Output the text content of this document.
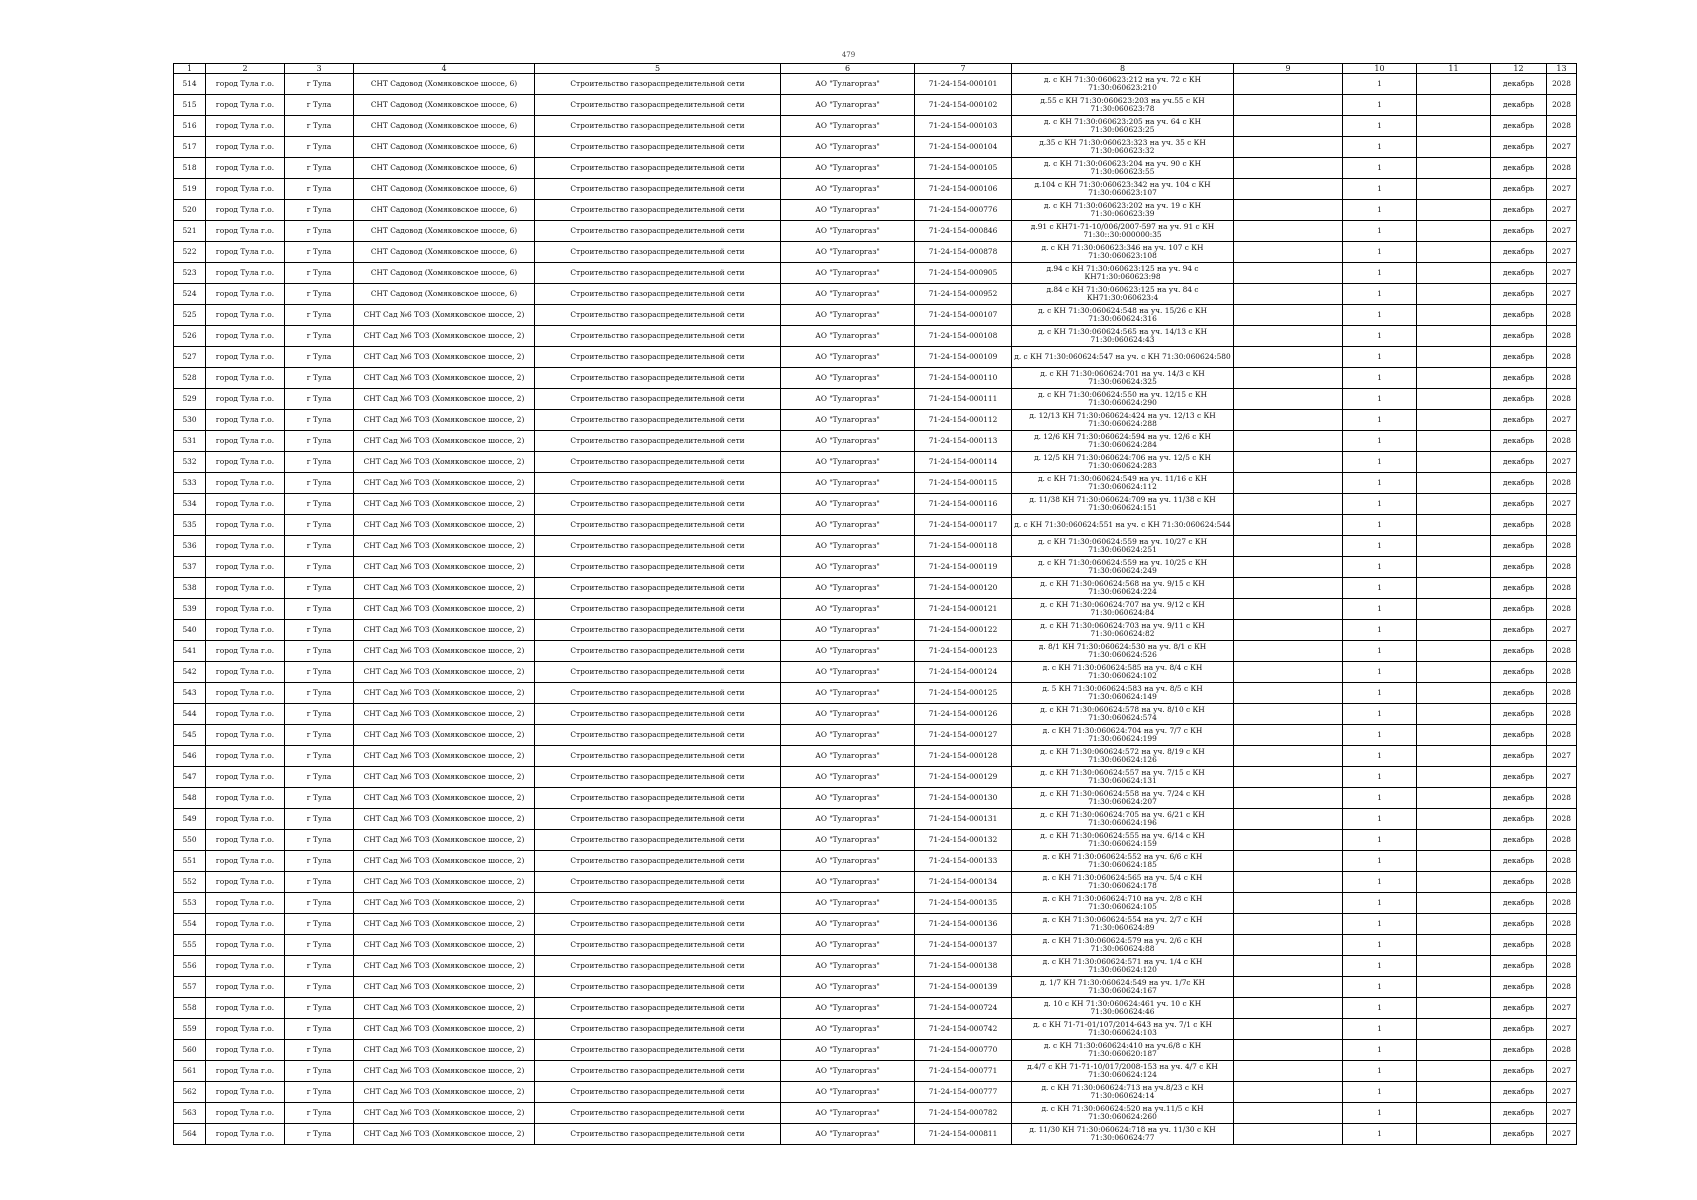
479
1	2	3	4	5	6	7	8	9	10	11	12	13
514	город Тула г.о.	г Тула	СНТ Садовод (Хомяковское шоссе, 6)	Строительство газораспределительной сети	АО "Тулагоргаз"	71-24-154-000101	д. с КН 71:30:060623:212 на уч. 72 с КН 71:30:060623:210		1		декабрь	2028
515	город Тула г.о.	г Тула	СНТ Садовод (Хомяковское шоссе, 6)	Строительство газораспределительной сети	АО "Тулагоргаз"	71-24-154-000102	д.55 с КН 71:30:060623:203 на уч.55 с КН 71:30:060623:78		1		декабрь	2028
516	город Тула г.о.	г Тула	СНТ Садовод (Хомяковское шоссе, 6)	Строительство газораспределительной сети	АО "Тулагоргаз"	71-24-154-000103	д. с КН 71:30:060623:205 на уч. 64 с КН 71:30:060623:25		1		декабрь	2028
517	город Тула г.о.	г Тула	СНТ Садовод (Хомяковское шоссе, 6)	Строительство газораспределительной сети	АО "Тулагоргаз"	71-24-154-000104	д.35 с КН 71:30:060623:323 на уч. 35 с КН 71:30:060623:32		1		декабрь	2027
518	город Тула г.о.	г Тула	СНТ Садовод (Хомяковское шоссе, 6)	Строительство газораспределительной сети	АО "Тулагоргаз"	71-24-154-000105	д. с КН 71:30:060623:204 на уч. 90 с КН 71:30:060623:55		1		декабрь	2028
519	город Тула г.о.	г Тула	СНТ Садовод (Хомяковское шоссе, 6)	Строительство газораспределительной сети	АО "Тулагоргаз"	71-24-154-000106	д.104 с КН 71:30:060623:342 на уч. 104 с КН 71:30:060623:107		1		декабрь	2027
520	город Тула г.о.	г Тула	СНТ Садовод (Хомяковское шоссе, 6)	Строительство газораспределительной сети	АО "Тулагоргаз"	71-24-154-000776	д. с КН 71:30:060623:202 на уч. 19 с КН 71:30:060623:39		1		декабрь	2027
521	город Тула г.о.	г Тула	СНТ Садовод (Хомяковское шоссе, 6)	Строительство газораспределительной сети	АО "Тулагоргаз"	71-24-154-000846	д.91 с КН71-71-10/006/2007-597 на уч. 91 с КН 71:30::30:000000:35		1		декабрь	2027
522	город Тула г.о.	г Тула	СНТ Садовод (Хомяковское шоссе, 6)	Строительство газораспределительной сети	АО "Тулагоргаз"	71-24-154-000878	д. с КН 71:30:060623:346 на уч. 107 с КН 71:30:060623:108		1		декабрь	2027
523	город Тула г.о.	г Тула	СНТ Садовод (Хомяковское шоссе, 6)	Строительство газораспределительной сети	АО "Тулагоргаз"	71-24-154-000905	д.94 с КН 71:30:060623:125 на уч. 94 с КН71:30:060623:98		1		декабрь	2027
524	город Тула г.о.	г Тула	СНТ Садовод (Хомяковское шоссе, 6)	Строительство газораспределительной сети	АО "Тулагоргаз"	71-24-154-000952	д.84 с КН 71:30:060623:125 на уч. 84 с КН71:30:060623:4		1		декабрь	2027
525	город Тула г.о.	г Тула	СНТ Сад №6 ТОЗ (Хомяковское шоссе, 2)	Строительство газораспределительной сети	АО "Тулагоргаз"	71-24-154-000107	д. с КН 71:30:060624:548 на уч. 15/26 с КН 71:30:060624:316		1		декабрь	2028
526	город Тула г.о.	г Тула	СНТ Сад №6 ТОЗ (Хомяковское шоссе, 2)	Строительство газораспределительной сети	АО "Тулагоргаз"	71-24-154-000108	д. с КН 71:30:060624:565 на уч. 14/13 с КН 71:30:060624:43		1		декабрь	2028
527	город Тула г.о.	г Тула	СНТ Сад №6 ТОЗ (Хомяковское шоссе, 2)	Строительство газораспределительной сети	АО "Тулагоргаз"	71-24-154-000109	д. с КН 71:30:060624:547 на уч. с КН 71:30:060624:580		1		декабрь	2028
528	город Тула г.о.	г Тула	СНТ Сад №6 ТОЗ (Хомяковское шоссе, 2)	Строительство газораспределительной сети	АО "Тулагоргаз"	71-24-154-000110	д. с КН 71:30:060624:701 на уч. 14/3 с КН 71:30:060624:325		1		декабрь	2028
529	город Тула г.о.	г Тула	СНТ Сад №6 ТОЗ (Хомяковское шоссе, 2)	Строительство газораспределительной сети	АО "Тулагоргаз"	71-24-154-000111	д. с КН 71:30:060624:550 на уч. 12/15 с КН 71:30:060624:290		1		декабрь	2028
530	город Тула г.о.	г Тула	СНТ Сад №6 ТОЗ (Хомяковское шоссе, 2)	Строительство газораспределительной сети	АО "Тулагоргаз"	71-24-154-000112	д. 12/13 КН 71:30:060624:424 на уч. 12/13 с КН 71:30:060624:288		1		декабрь	2027
531	город Тула г.о.	г Тула	СНТ Сад №6 ТОЗ (Хомяковское шоссе, 2)	Строительство газораспределительной сети	АО "Тулагоргаз"	71-24-154-000113	д. 12/6 КН 71:30:060624:594 на уч. 12/6 с КН 71:30:060624:284		1		декабрь	2028
532	город Тула г.о.	г Тула	СНТ Сад №6 ТОЗ (Хомяковское шоссе, 2)	Строительство газораспределительной сети	АО "Тулагоргаз"	71-24-154-000114	д. 12/5 КН 71:30:060624:706 на уч. 12/5 с КН 71:30:060624:283		1		декабрь	2027
533	город Тула г.о.	г Тула	СНТ Сад №6 ТОЗ (Хомяковское шоссе, 2)	Строительство газораспределительной сети	АО "Тулагоргаз"	71-24-154-000115	д. с КН 71:30:060624:549 на уч. 11/16 с КН 71:30:060624:112		1		декабрь	2028
534	город Тула г.о.	г Тула	СНТ Сад №6 ТОЗ (Хомяковское шоссе, 2)	Строительство газораспределительной сети	АО "Тулагоргаз"	71-24-154-000116	д. 11/38 КН 71:30:060624:709 на уч. 11/38 с КН 71:30:060624:151		1		декабрь	2027
535	город Тула г.о.	г Тула	СНТ Сад №6 ТОЗ (Хомяковское шоссе, 2)	Строительство газораспределительной сети	АО "Тулагоргаз"	71-24-154-000117	д. с КН 71:30:060624:551 на уч. с КН 71:30:060624:544		1		декабрь	2028
536	город Тула г.о.	г Тула	СНТ Сад №6 ТОЗ (Хомяковское шоссе, 2)	Строительство газораспределительной сети	АО "Тулагоргаз"	71-24-154-000118	д. с КН 71:30:060624:559 на уч. 10/27 с КН 71:30:060624:251		1		декабрь	2028
537	город Тула г.о.	г Тула	СНТ Сад №6 ТОЗ (Хомяковское шоссе, 2)	Строительство газораспределительной сети	АО "Тулагоргаз"	71-24-154-000119	д. с КН 71:30:060624:559 на уч. 10/25 с КН 71:30:060624:249		1		декабрь	2028
538	город Тула г.о.	г Тула	СНТ Сад №6 ТОЗ (Хомяковское шоссе, 2)	Строительство газораспределительной сети	АО "Тулагоргаз"	71-24-154-000120	д. с КН 71:30:060624:568 на уч. 9/15 с КН 71:30:060624:224		1		декабрь	2028
539	город Тула г.о.	г Тула	СНТ Сад №6 ТОЗ (Хомяковское шоссе, 2)	Строительство газораспределительной сети	АО "Тулагоргаз"	71-24-154-000121	д. с КН 71:30:060624:707 на уч. 9/12 с КН 71:30:060624:84		1		декабрь	2028
540	город Тула г.о.	г Тула	СНТ Сад №6 ТОЗ (Хомяковское шоссе, 2)	Строительство газораспределительной сети	АО "Тулагоргаз"	71-24-154-000122	д. с КН 71:30:060624:703 на уч. 9/11 с КН 71:30:060624:82		1		декабрь	2027
541	город Тула г.о.	г Тула	СНТ Сад №6 ТОЗ (Хомяковское шоссе, 2)	Строительство газораспределительной сети	АО "Тулагоргаз"	71-24-154-000123	д. 8/1 КН 71:30:060624:530 на уч. 8/1 с КН 71:30:060624:526		1		декабрь	2028
542	город Тула г.о.	г Тула	СНТ Сад №6 ТОЗ (Хомяковское шоссе, 2)	Строительство газораспределительной сети	АО "Тулагоргаз"	71-24-154-000124	д. с КН 71:30:060624:585 на уч. 8/4 с КН 71:30:060624:102		1		декабрь	2028
543	город Тула г.о.	г Тула	СНТ Сад №6 ТОЗ (Хомяковское шоссе, 2)	Строительство газораспределительной сети	АО "Тулагоргаз"	71-24-154-000125	д. 5 КН 71:30:060624:583 на уч. 8/5 с КН 71:30:060624:149		1		декабрь	2028
544	город Тула г.о.	г Тула	СНТ Сад №6 ТОЗ (Хомяковское шоссе, 2)	Строительство газораспределительной сети	АО "Тулагоргаз"	71-24-154-000126	д. с КН 71:30:060624:578 на уч. 8/10 с КН 71:30:060624:574		1		декабрь	2028
545	город Тула г.о.	г Тула	СНТ Сад №6 ТОЗ (Хомяковское шоссе, 2)	Строительство газораспределительной сети	АО "Тулагоргаз"	71-24-154-000127	д. с КН 71:30:060624:704 на уч. 7/7 с КН 71:30:060624:199		1		декабрь	2028
546	город Тула г.о.	г Тула	СНТ Сад №6 ТОЗ (Хомяковское шоссе, 2)	Строительство газораспределительной сети	АО "Тулагоргаз"	71-24-154-000128	д. с КН 71:30:060624:572 на уч. 8/19 с КН 71:30:060624:126		1		декабрь	2027
547	город Тула г.о.	г Тула	СНТ Сад №6 ТОЗ (Хомяковское шоссе, 2)	Строительство газораспределительной сети	АО "Тулагоргаз"	71-24-154-000129	д. с КН 71:30:060624:557 на уч. 7/15 с КН 71:30:060624:131		1		декабрь	2027
548	город Тула г.о.	г Тула	СНТ Сад №6 ТОЗ (Хомяковское шоссе, 2)	Строительство газораспределительной сети	АО "Тулагоргаз"	71-24-154-000130	д. с КН 71:30:060624:558 на уч. 7/24 с КН 71:30:060624:207		1		декабрь	2028
549	город Тула г.о.	г Тула	СНТ Сад №6 ТОЗ (Хомяковское шоссе, 2)	Строительство газораспределительной сети	АО "Тулагоргаз"	71-24-154-000131	д. с КН 71:30:060624:705 на уч. 6/21 с КН 71:30:060624:196		1		декабрь	2028
550	город Тула г.о.	г Тула	СНТ Сад №6 ТОЗ (Хомяковское шоссе, 2)	Строительство газораспределительной сети	АО "Тулагоргаз"	71-24-154-000132	д. с КН 71:30:060624:555 на уч. 6/14 с КН 71:30:060624:159		1		декабрь	2028
551	город Тула г.о.	г Тула	СНТ Сад №6 ТОЗ (Хомяковское шоссе, 2)	Строительство газораспределительной сети	АО "Тулагоргаз"	71-24-154-000133	д. с КН 71:30:060624:552 на уч. 6/6 с КН 71:30:060624:185		1		декабрь	2028
552	город Тула г.о.	г Тула	СНТ Сад №6 ТОЗ (Хомяковское шоссе, 2)	Строительство газораспределительной сети	АО "Тулагоргаз"	71-24-154-000134	д. с КН 71:30:060624:565 на уч. 5/4 с КН 71:30:060624:178		1		декабрь	2028
553	город Тула г.о.	г Тула	СНТ Сад №6 ТОЗ (Хомяковское шоссе, 2)	Строительство газораспределительной сети	АО "Тулагоргаз"	71-24-154-000135	д. с КН 71:30:060624:710 на уч. 2/8 с КН 71:30:060624:105		1		декабрь	2028
554	город Тула г.о.	г Тула	СНТ Сад №6 ТОЗ (Хомяковское шоссе, 2)	Строительство газораспределительной сети	АО "Тулагоргаз"	71-24-154-000136	д. с КН 71:30:060624:554 на уч. 2/7 с КН 71:30:060624:89		1		декабрь	2028
555	город Тула г.о.	г Тула	СНТ Сад №6 ТОЗ (Хомяковское шоссе, 2)	Строительство газораспределительной сети	АО "Тулагоргаз"	71-24-154-000137	д. с КН 71:30:060624:579 на уч. 2/6 с КН 71:30:060624:88		1		декабрь	2028
556	город Тула г.о.	г Тула	СНТ Сад №6 ТОЗ (Хомяковское шоссе, 2)	Строительство газораспределительной сети	АО "Тулагоргаз"	71-24-154-000138	д. с КН 71:30:060624:571 на уч. 1/4 с КН 71:30:060624:120		1		декабрь	2028
557	город Тула г.о.	г Тула	СНТ Сад №6 ТОЗ (Хомяковское шоссе, 2)	Строительство газораспределительной сети	АО "Тулагоргаз"	71-24-154-000139	д. 1/7 КН 71:30:060624:549 на уч. 1/7с КН 71:30:060624:167		1		декабрь	2028
558	город Тула г.о.	г Тула	СНТ Сад №6 ТОЗ (Хомяковское шоссе, 2)	Строительство газораспределительной сети	АО "Тулагоргаз"	71-24-154-000724	д. 10 с КН 71:30:060624:461 уч. 10 с КН 71:30:060624:46		1		декабрь	2027
559	город Тула г.о.	г Тула	СНТ Сад №6 ТОЗ (Хомяковское шоссе, 2)	Строительство газораспределительной сети	АО "Тулагоргаз"	71-24-154-000742	д. с КН 71-71-01/107/2014-643 на уч. 7/1 с КН 71:30:060624:103		1		декабрь	2027
560	город Тула г.о.	г Тула	СНТ Сад №6 ТОЗ (Хомяковское шоссе, 2)	Строительство газораспределительной сети	АО "Тулагоргаз"	71-24-154-000770	д. с КН 71:30:060624:410 на уч.6/8 с КН 71:30:060620:187		1		декабрь	2028
561	город Тула г.о.	г Тула	СНТ Сад №6 ТОЗ (Хомяковское шоссе, 2)	Строительство газораспределительной сети	АО "Тулагоргаз"	71-24-154-000771	д.4/7 с КН 71-71-10/017/2008-153 на уч. 4/7 с КН 71:30:060624:124		1		декабрь	2027
562	город Тула г.о.	г Тула	СНТ Сад №6 ТОЗ (Хомяковское шоссе, 2)	Строительство газораспределительной сети	АО "Тулагоргаз"	71-24-154-000777	д. с КН 71:30:060624:713 на уч.8/23 с КН 71:30:060624:14		1		декабрь	2027
563	город Тула г.о.	г Тула	СНТ Сад №6 ТОЗ (Хомяковское шоссе, 2)	Строительство газораспределительной сети	АО "Тулагоргаз"	71-24-154-000782	д. с КН 71:30:060624:520 на уч.11/5 с КН 71:30:060624:260		1		декабрь	2027
564	город Тула г.о.	г Тула	СНТ Сад №6 ТОЗ (Хомяковское шоссе, 2)	Строительство газораспределительной сети	АО "Тулагоргаз"	71-24-154-000811	д. 11/30 КН 71:30:060624:718 на уч. 11/30 с КН 71:30:060624:77		1		декабрь	2027
